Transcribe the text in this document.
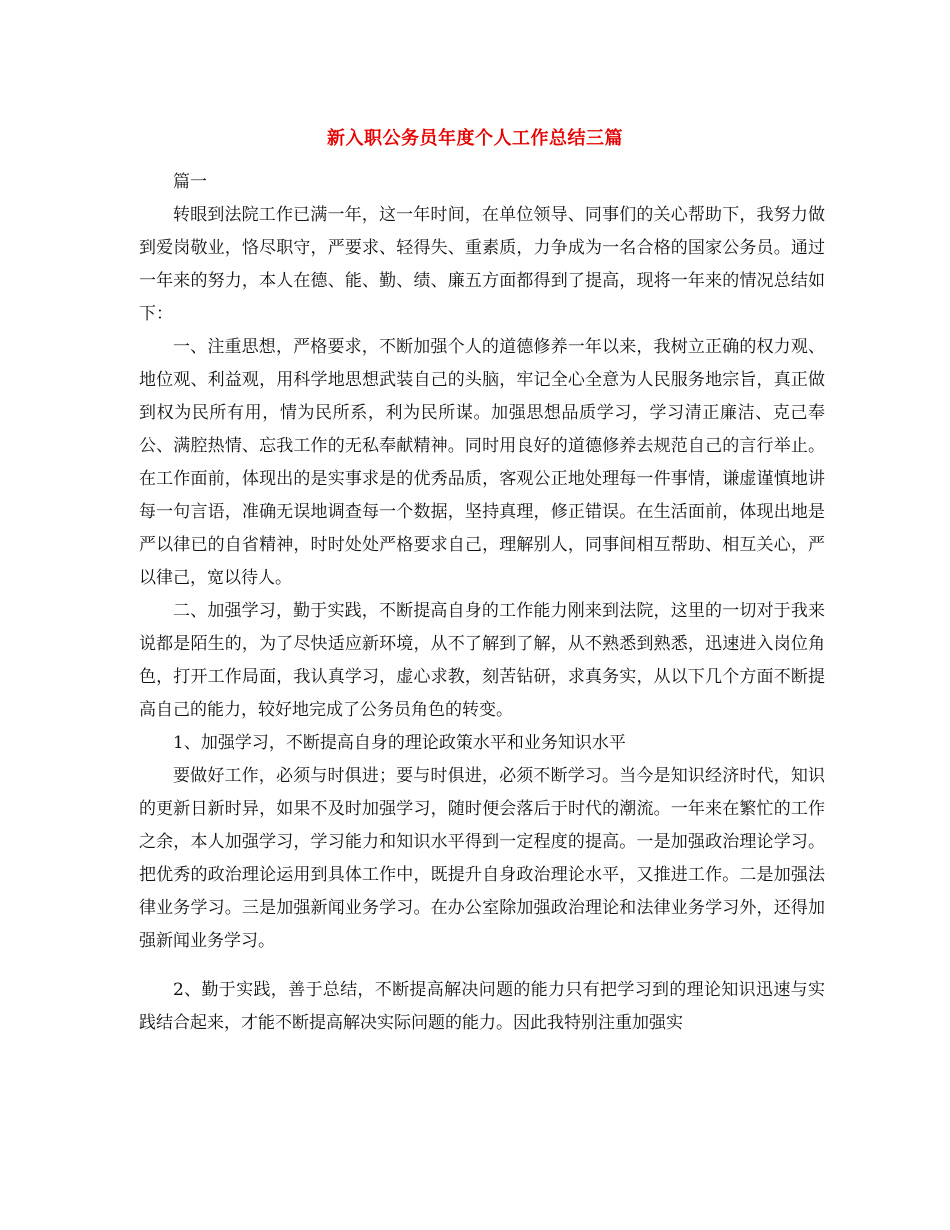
新入职公务员年度个人工作总结三篇

篇一

转眼到法院工作已满一年，这一年时间，在单位领导、同事们的关心帮助下，我努力做到爱岗敬业，恪尽职守，严要求、轻得失、重素质，力争成为一名合格的国家公务员。通过一年来的努力，本人在德、能、勤、绩、廉五方面都得到了提高，现将一年来的情况总结如下：

一、注重思想，严格要求，不断加强个人的道德修养一年以来，我树立正确的权力观、地位观、利益观，用科学地思想武装自己的头脑，牢记全心全意为人民服务地宗旨，真正做到权为民所有用，情为民所系，利为民所谋。加强思想品质学习，学习清正廉洁、克己奉公、满腔热情、忘我工作的无私奉献精神。同时用良好的道德修养去规范自己的言行举止。在工作面前，体现出的是实事求是的优秀品质，客观公正地处理每一件事情，谦虚谨慎地讲每一句言语，准确无误地调查每一个数据，坚持真理，修正错误。在生活面前，体现出地是严以律已的自省精神，时时处处严格要求自己，理解别人，同事间相互帮助、相互关心，严以律己，宽以待人。

二、加强学习，勤于实践，不断提高自身的工作能力刚来到法院，这里的一切对于我来说都是陌生的，为了尽快适应新环境，从不了解到了解，从不熟悉到熟悉，迅速进入岗位角色，打开工作局面，我认真学习，虚心求教，刻苦钻研，求真务实，从以下几个方面不断提高自己的能力，较好地完成了公务员角色的转变。

1、加强学习，不断提高自身的理论政策水平和业务知识水平

要做好工作，必须与时俱进；要与时俱进，必须不断学习。当今是知识经济时代，知识的更新日新时异，如果不及时加强学习，随时便会落后于时代的潮流。一年来在繁忙的工作之余，本人加强学习，学习能力和知识水平得到一定程度的提高。一是加强政治理论学习。把优秀的政治理论运用到具体工作中，既提升自身政治理论水平，又推进工作。二是加强法律业务学习。三是加强新闻业务学习。在办公室除加强政治理论和法律业务学习外，还得加强新闻业务学习。

2、勤于实践，善于总结，不断提高解决问题的能力只有把学习到的理论知识迅速与实践结合起来，才能不断提高解决实际问题的能力。因此我特别注重加强实
